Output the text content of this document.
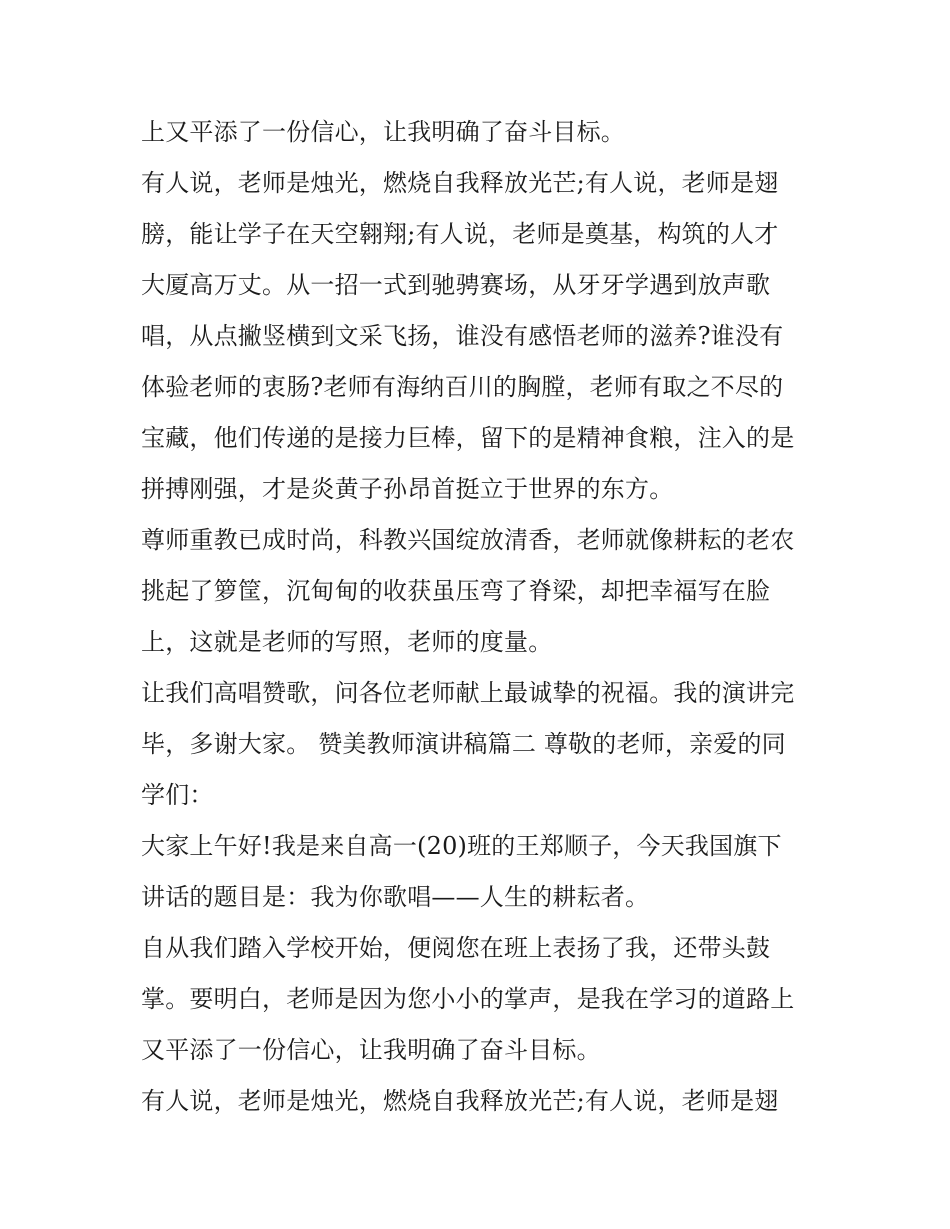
上又平添了一份信心，让我明确了奋斗目标。
有人说，老师是烛光，燃烧自我释放光芒;有人说，老师是翅
膀，能让学子在天空翱翔;有人说，老师是奠基，构筑的人才
大厦高万丈。从一招一式到驰骋赛场，从牙牙学遇到放声歌
唱，从点撇竖横到文采飞扬，谁没有感悟老师的滋养?谁没有
体验老师的衷肠?老师有海纳百川的胸膛，老师有取之不尽的
宝藏，他们传递的是接力巨棒，留下的是精神食粮，注入的是
拼搏刚强，才是炎黄子孙昂首挺立于世界的东方。
尊师重教已成时尚，科教兴国绽放清香，老师就像耕耘的老农
挑起了箩筐，沉甸甸的收获虽压弯了脊梁，却把幸福写在脸
上，这就是老师的写照，老师的度量。
让我们高唱赞歌，问各位老师献上最诚挚的祝福。我的演讲完
毕，多谢大家。 赞美教师演讲稿篇二 尊敬的老师，亲爱的同
学们：
大家上午好!我是来自高一(20)班的王郑顺子，今天我国旗下
讲话的题目是：我为你歌唱——人生的耕耘者。
自从我们踏入学校开始，便阅您在班上表扬了我，还带头鼓
掌。要明白，老师是因为您小小的掌声，是我在学习的道路上
又平添了一份信心，让我明确了奋斗目标。
有人说，老师是烛光，燃烧自我释放光芒;有人说，老师是翅
